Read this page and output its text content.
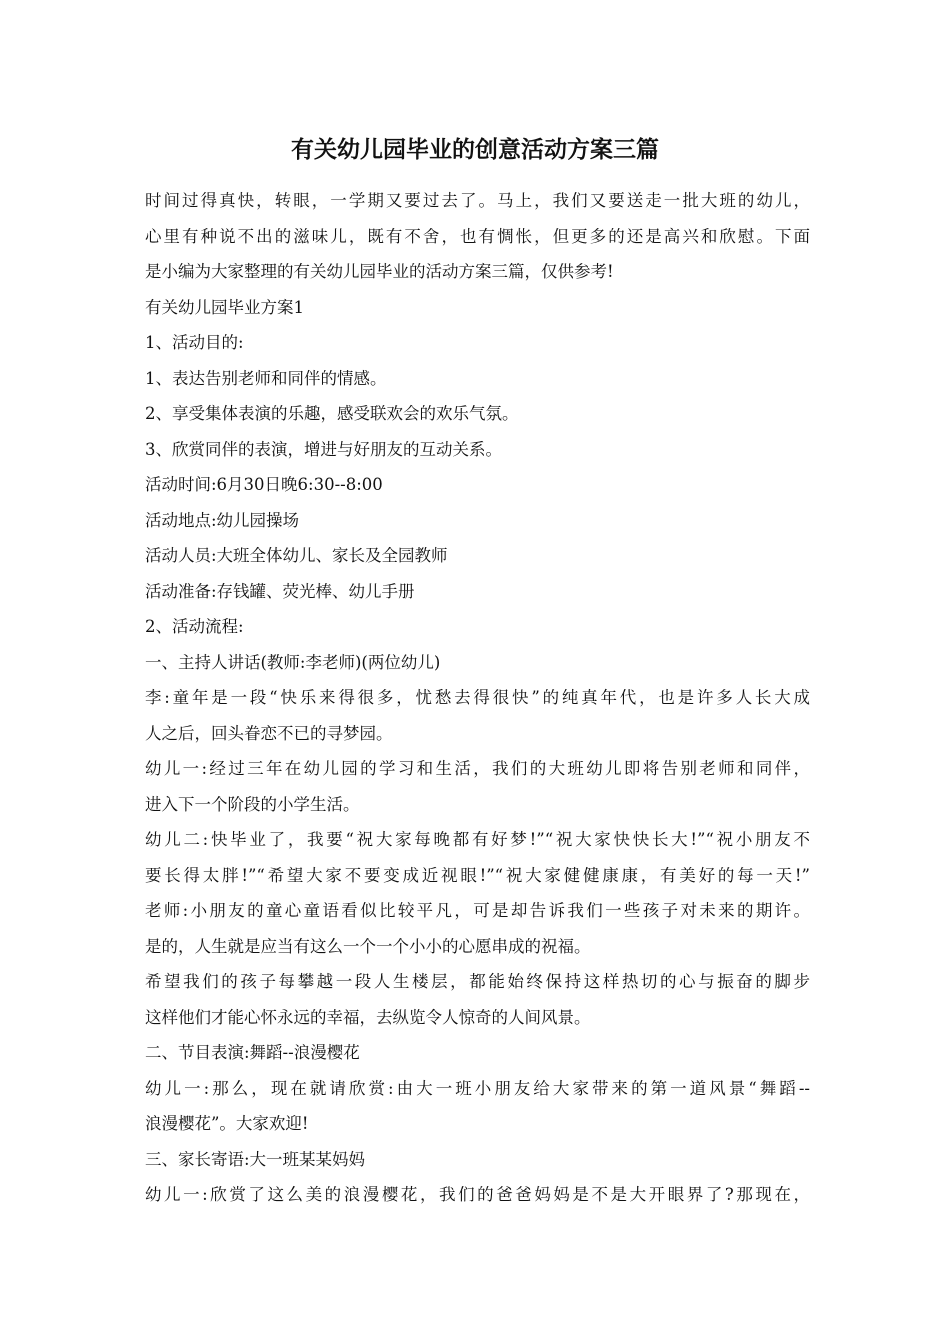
有关幼儿园毕业的创意活动方案三篇
时间过得真快，转眼，一学期又要过去了。马上，我们又要送走一批大班的幼儿，
心里有种说不出的滋味儿，既有不舍，也有惆怅，但更多的还是高兴和欣慰。下面
是小编为大家整理的有关幼儿园毕业的活动方案三篇，仅供参考!
有关幼儿园毕业方案1
1、活动目的:
1、表达告别老师和同伴的情感。
2、享受集体表演的乐趣，感受联欢会的欢乐气氛。
3、欣赏同伴的表演，增进与好朋友的互动关系。
活动时间:6月30日晚6:30--8:00
活动地点:幼儿园操场
活动人员:大班全体幼儿、家长及全园教师
活动准备:存钱罐、荧光棒、幼儿手册
2、活动流程:
一、主持人讲话(教师:李老师)(两位幼儿)
李:童年是一段“快乐来得很多，忧愁去得很快”的纯真年代，也是许多人长大成
人之后，回头眷恋不已的寻梦园。
幼儿一:经过三年在幼儿园的学习和生活，我们的大班幼儿即将告别老师和同伴，
进入下一个阶段的小学生活。
幼儿二:快毕业了，我要“祝大家每晚都有好梦!”“祝大家快快长大!”“祝小朋友不
要长得太胖!”“希望大家不要变成近视眼!”“祝大家健健康康，有美好的每一天!”
老师:小朋友的童心童语看似比较平凡，可是却告诉我们一些孩子对未来的期许。
是的，人生就是应当有这么一个一个小小的心愿串成的祝福。
希望我们的孩子每攀越一段人生楼层，都能始终保持这样热切的心与振奋的脚步
这样他们才能心怀永远的幸福，去纵览令人惊奇的人间风景。
二、节目表演:舞蹈--浪漫樱花
幼儿一:那么，现在就请欣赏:由大一班小朋友给大家带来的第一道风景“舞蹈--
浪漫樱花”。大家欢迎!
三、家长寄语:大一班某某妈妈
幼儿一:欣赏了这么美的浪漫樱花，我们的爸爸妈妈是不是大开眼界了?那现在，
